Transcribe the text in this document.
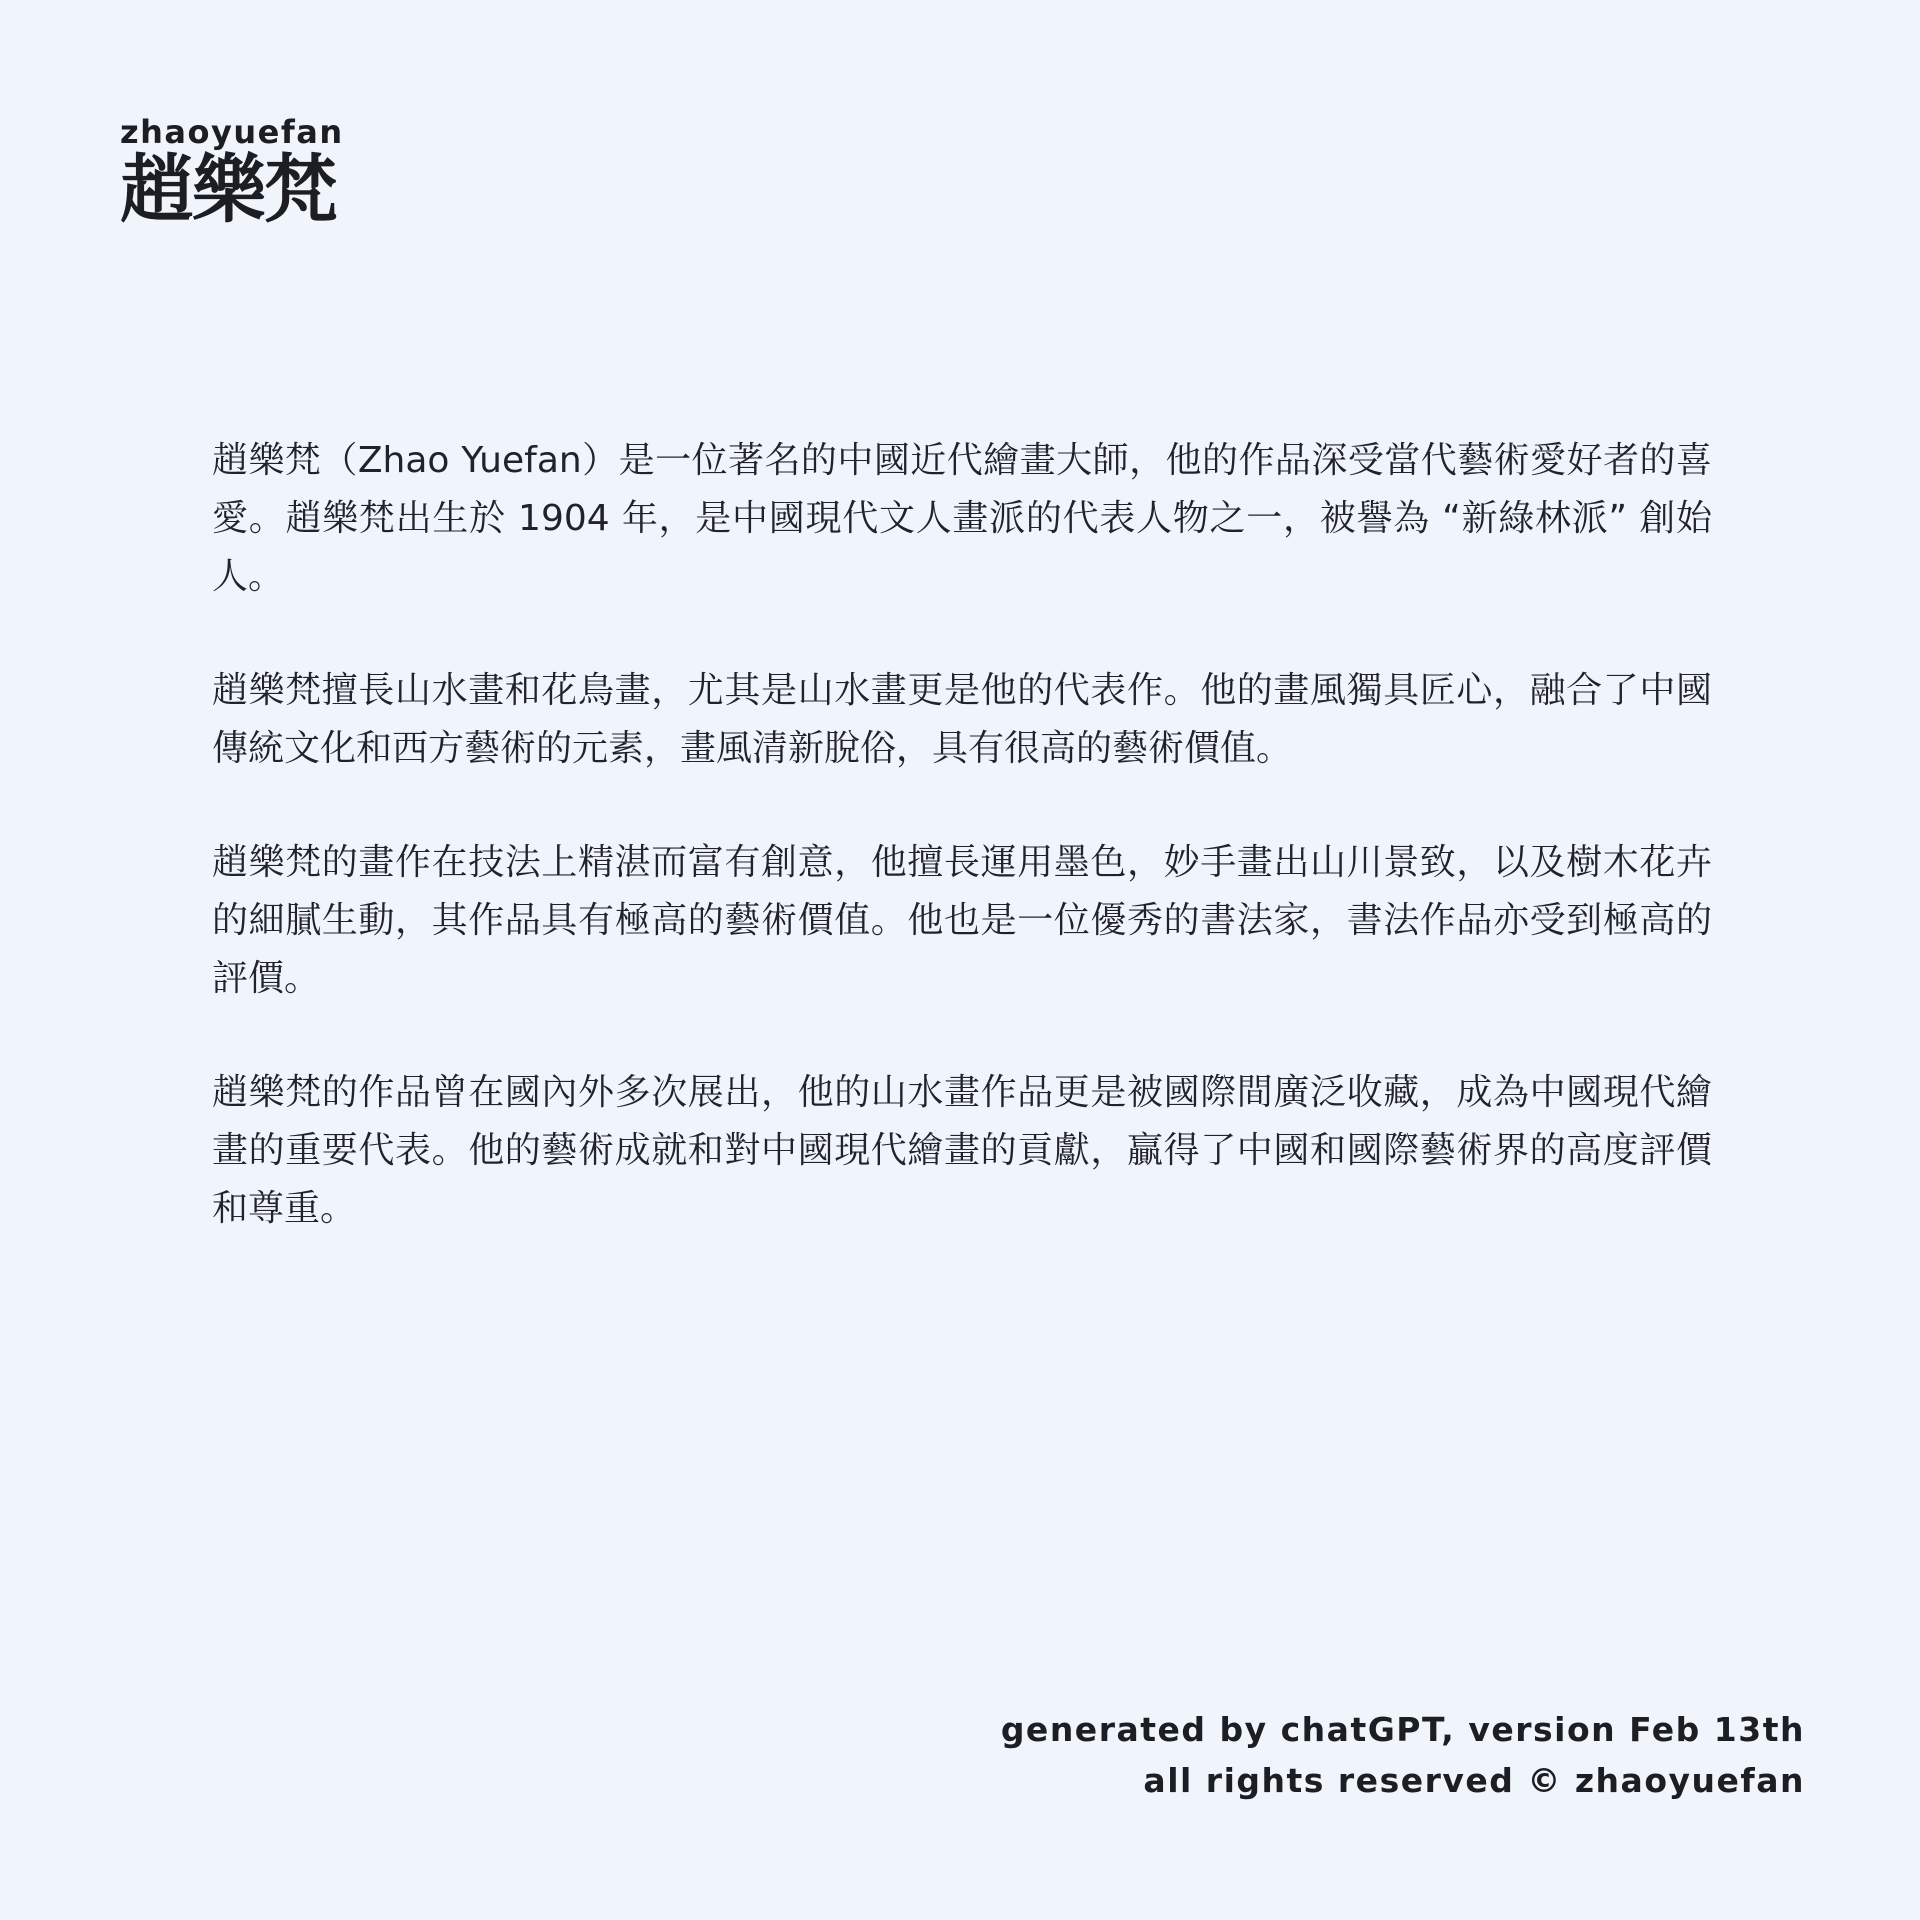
zhaoyuefan
趙樂梵

趙樂梵（Zhao Yuefan）是一位著名的中國近代繪畫大師，他的作品深受當代藝術愛好者的喜愛。趙樂梵出生於 1904 年，是中國現代文人畫派的代表人物之一，被譽為 “新綠林派” 創始人。

趙樂梵擅長山水畫和花鳥畫，尤其是山水畫更是他的代表作。他的畫風獨具匠心，融合了中國傳統文化和西方藝術的元素，畫風清新脫俗，具有很高的藝術價值。

趙樂梵的畫作在技法上精湛而富有創意，他擅長運用墨色，妙手畫出山川景致，以及樹木花卉的細膩生動，其作品具有極高的藝術價值。他也是一位優秀的書法家，書法作品亦受到極高的評價。

趙樂梵的作品曾在國內外多次展出，他的山水畫作品更是被國際間廣泛收藏，成為中國現代繪畫的重要代表。他的藝術成就和對中國現代繪畫的貢獻，贏得了中國和國際藝術界的高度評價和尊重。

generated by chatGPT, version Feb 13th
all rights reserved © zhaoyuefan
